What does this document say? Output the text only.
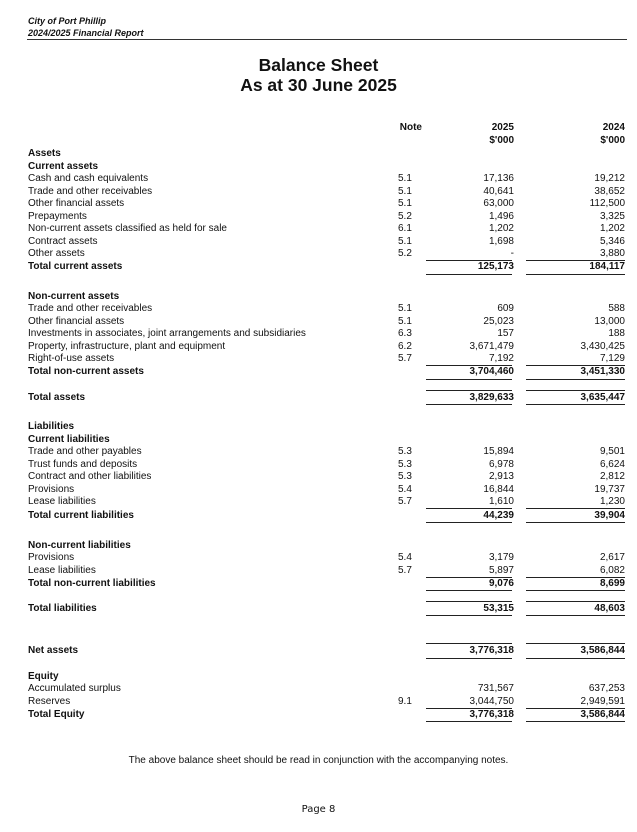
City of Port Phillip
2024/2025 Financial Report
Balance Sheet
As at 30 June 2025
Note	2025	2024
$'000	$'000
Assets
Current assets
Cash and cash equivalents	5.1	17,136	19,212
Trade and other receivables	5.1	40,641	38,652
Other financial assets	5.1	63,000	112,500
Prepayments	5.2	1,496	3,325
Non-current assets classified as held for sale	6.1	1,202	1,202
Contract assets	5.1	1,698	5,346
Other assets	5.2	-	3,880
Total current assets	125,173	184,117
Non-current assets
Trade and other receivables	5.1	609	588
Other financial assets	5.1	25,023	13,000
Investments in associates, joint arrangements and subsidiaries	6.3	157	188
Property, infrastructure, plant and equipment	6.2	3,671,479	3,430,425
Right-of-use assets	5.7	7,192	7,129
Total non-current assets	3,704,460	3,451,330
Total assets	3,829,633	3,635,447
Liabilities
Current liabilities
Trade and other payables	5.3	15,894	9,501
Trust funds and deposits	5.3	6,978	6,624
Contract and other liabilities	5.3	2,913	2,812
Provisions	5.4	16,844	19,737
Lease liabilities	5.7	1,610	1,230
Total current liabilities	44,239	39,904
Non-current liabilities
Provisions	5.4	3,179	2,617
Lease liabilities	5.7	5,897	6,082
Total non-current liabilities	9,076	8,699
Total liabilities	53,315	48,603
Net assets	3,776,318	3,586,844
Equity
Accumulated surplus	731,567	637,253
Reserves	9.1	3,044,750	2,949,591
Total Equity	3,776,318	3,586,844
The above balance sheet should be read in conjunction with the accompanying notes.
Page 8
